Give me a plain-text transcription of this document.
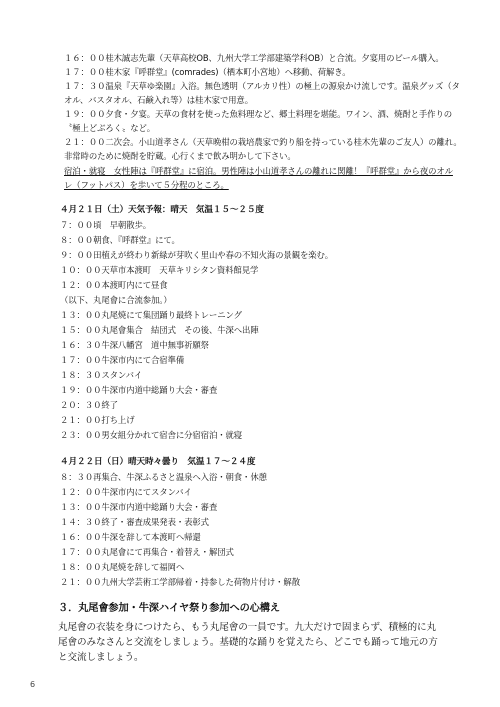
１６：００桂木誠志先輩（天草高校OB、九州大学工学部建築学科OB）と合流。夕宴用のビール購入。
１７：００桂木家『呼群堂』(comrades)（栖本町小宮地）へ移動、荷解き。
１７：３０温泉『天草ゆ楽園』入浴。無色透明（アルカリ性）の極上の源泉かけ流しです。温泉グッズ（タ
オル、バスタオル、石鹸入れ等）は桂木家で用意。
１９：００夕食・夕宴。天草の食材を使った魚料理など、郷土料理を堪能。ワイン、酒、焼酎と手作りの
〝極上どぶろく〟など。
２１：００二次会。小山道孝さん（天草晩柑の栽培農家で釣り船を持っている桂木先輩のご友人）の離れ。
非常時のために焼酎を貯蔵。心行くまで飲み明かして下さい。
宿泊・就寝　女性陣は『呼群堂』に宿泊。男性陣は小山道孝さんの離れに関離！『呼群堂』から夜のオル
レ（フットパス）を歩いて５分程のところ。
４月２１日（土）天気予報：晴天　気温１５～２５度
７：００頃　早朝散歩。
８：００朝食、『呼群堂』にて。
９：００田植えが終わり新緑が芽吹く里山や春の不知火海の景観を楽む。
１０：００天草市本渡町　天草キリシタン資料館見学
１２：００本渡町内にて昼食
（以下、丸尾會に合流参加。）
１３：００丸尾焼にて集団踊り最終トレーニング
１５：００丸尾會集合　結団式　その後、牛深へ出陣
１６：３０牛深八幡宮　道中無事祈願祭
１７：００牛深市内にて合宿準備
１８：３０スタンバイ
１９：００牛深市内道中総踊り大会・審査
２０：３０終了
２１：００打ち上げ
２３：００男女組分かれて宿舎に分宿宿泊・就寝
４月２２日（日）晴天時々曇り　気温１７～２４度
８：３０再集合、牛深ふるさと温泉へ入浴・朝食・休憩
１２：００牛深市内にてスタンバイ
１３：００牛深市内道中総踊り大会・審査
１４：３０終了・審査成果発表・表彰式
１６：００牛深を辞して本渡町へ帰還
１７：００丸尾會にて再集合・着替え・解団式
１８：００丸尾焼を辞して福岡へ
２１：００九州大学芸術工学部帰着・持参した荷物片付け・解散
３．丸尾會参加・牛深ハイヤ祭り参加への心構え
丸尾會の衣装を身につけたら、もう丸尾會の一員です。九大だけで固まらず、積極的に丸
尾會のみなさんと交流をしましょう。基礎的な踊りを覚えたら、どこでも踊って地元の方
と交流しましょう。
6
